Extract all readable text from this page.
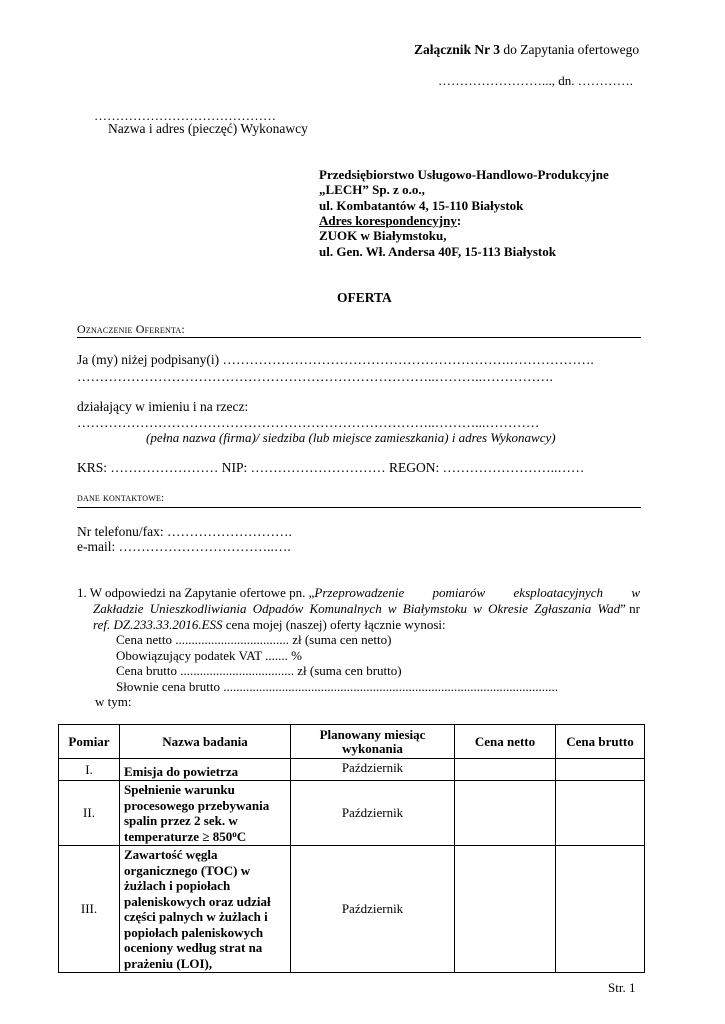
Załącznik Nr 3 do Zapytania ofertowego
……………………..., dn. ………….
……………………………………
Nazwa i adres (pieczęć) Wykonawcy
Przedsiębiorstwo Usługowo-Handlowo-Produkcyjne
„LECH” Sp. z o.o.,
ul. Kombatantów 4, 15-110 Białystok
Adres korespondencyjny:
ZUOK w Białymstoku,
ul. Gen. Wł. Andersa 40F, 15-113 Białystok
OFERTA
Oznaczenie Oferenta:
Ja (my) niżej podpisany(i) ……………………………………………………….……………….
……………………………………………………………………..………..…………….
działający w imieniu i na rzecz:
……………………………………………………………………..………...…………
(pełna nazwa (firma)/ siedziba (lub miejsce zamieszkania) i adres Wykonawcy)
KRS: …………………… NIP: ………………………… REGON: ……………………..……
dane kontaktowe:
Nr telefonu/fax: ……………………….
e-mail: ……………………………..….
1. W odpowiedzi na Zapytanie ofertowe pn. „ Przeprowadzenie pomiarów eksploatacyjnych w
Zakładzie Unieszkodliwiania Odpadów Komunalnych w Białymstoku w Okresie Zgłaszania Wad ” nr
ref. DZ.233.33.2016.ESS cena mojej (naszej) oferty łącznie wynosi:
Cena netto ................................... zł (suma cen netto)
Obowiązujący podatek VAT ....... %
Cena brutto ................................... zł (suma cen brutto)
Słownie cena brutto .......................................................................................................
w tym:
Pomiar	Nazwa badania	Planowany miesiąc wykonania	Cena netto	Cena brutto
I.	Emisja do powietrza	Październik		
II.	Spełnienie warunku procesowego przebywania spalin przez 2 sek. w temperaturze ≥ $850^oC$	Październik		
III.	Zawartość węgla organicznego (TOC) w żużlach i popiołach paleniskowych oraz udział części palnych w żużlach i popiołach paleniskowych oceniony według strat na prażeniu (LOI),	Październik		
Str. 1
